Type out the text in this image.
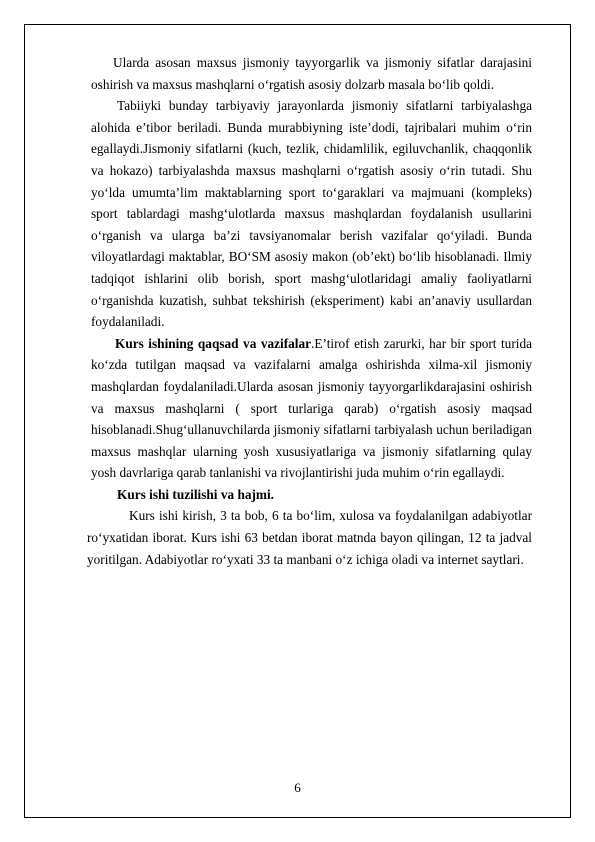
Ularda asosan maxsus jismoniy tayyorgarlik va jismoniy sifatlar darajasini oshirish va maxsus mashqlarni o‘rgatish asosiy dolzarb masala bo‘lib qoldi.

Tabiiyki bunday tarbiyaviy jarayonlarda jismoniy sifatlarni tarbiyalashga alohida e’tibor beriladi. Bunda murabbiyning iste’dodi, tajribalari muhim o‘rin egallaydi.Jismoniy sifatlarni (kuch, tezlik, chidamlilik, egiluvchanlik, chaqqonlik va hokazo) tarbiyalashda maxsus mashqlarni o‘rgatish asosiy o‘rin tutadi. Shu yo‘lda umumta’lim maktablarning sport to‘garaklari va majmuani (kompleks) sport tablardagi mashg‘ulotlarda maxsus mashqlardan foydalanish usullarini o‘rganish va ularga ba’zi tavsiyanomalar berish vazifalar qo‘yiladi. Bunda viloyatlardagi maktablar, BO‘SM asosiy makon (ob’ekt) bo‘lib hisoblanadi. Ilmiy tadqiqot ishlarini olib borish, sport mashg‘ulotlaridagi amaliy faoliyatlarni o‘rganishda kuzatish, suhbat tekshirish (eksperiment) kabi an’anaviy usullardan foydalaniladi.

Kurs ishining qaqsad va vazifalar.E’tirof etish zarurki, har bir sport turida ko‘zda tutilgan maqsad va vazifalarni amalga oshirishda xilma-xil jismoniy mashqlardan foydalaniladi.Ularda asosan jismoniy tayyorgarlikdarajasini oshirish va maxsus mashqlarni ( sport turlariga qarab) o‘rgatish asosiy maqsad hisoblanadi.Shug‘ullanuvchilarda jismoniy sifatlarni tarbiyalash uchun beriladigan maxsus mashqlar ularning yosh xususiyatlariga va jismoniy sifatlarning qulay yosh davrlariga qarab tanlanishi va rivojlantirishi juda muhim o‘rin egallaydi.

Kurs ishi tuzilishi va hajmi.

Kurs ishi kirish, 3 ta bob, 6 ta bo‘lim, xulosa va foydalanilgan adabiyotlar ro‘yxatidan iborat. Kurs ishi 63 betdan iborat matnda bayon qilingan, 12 ta jadval yoritilgan. Adabiyotlar ro‘yxati 33 ta manbani o‘z ichiga oladi va internet saytlari.

6
